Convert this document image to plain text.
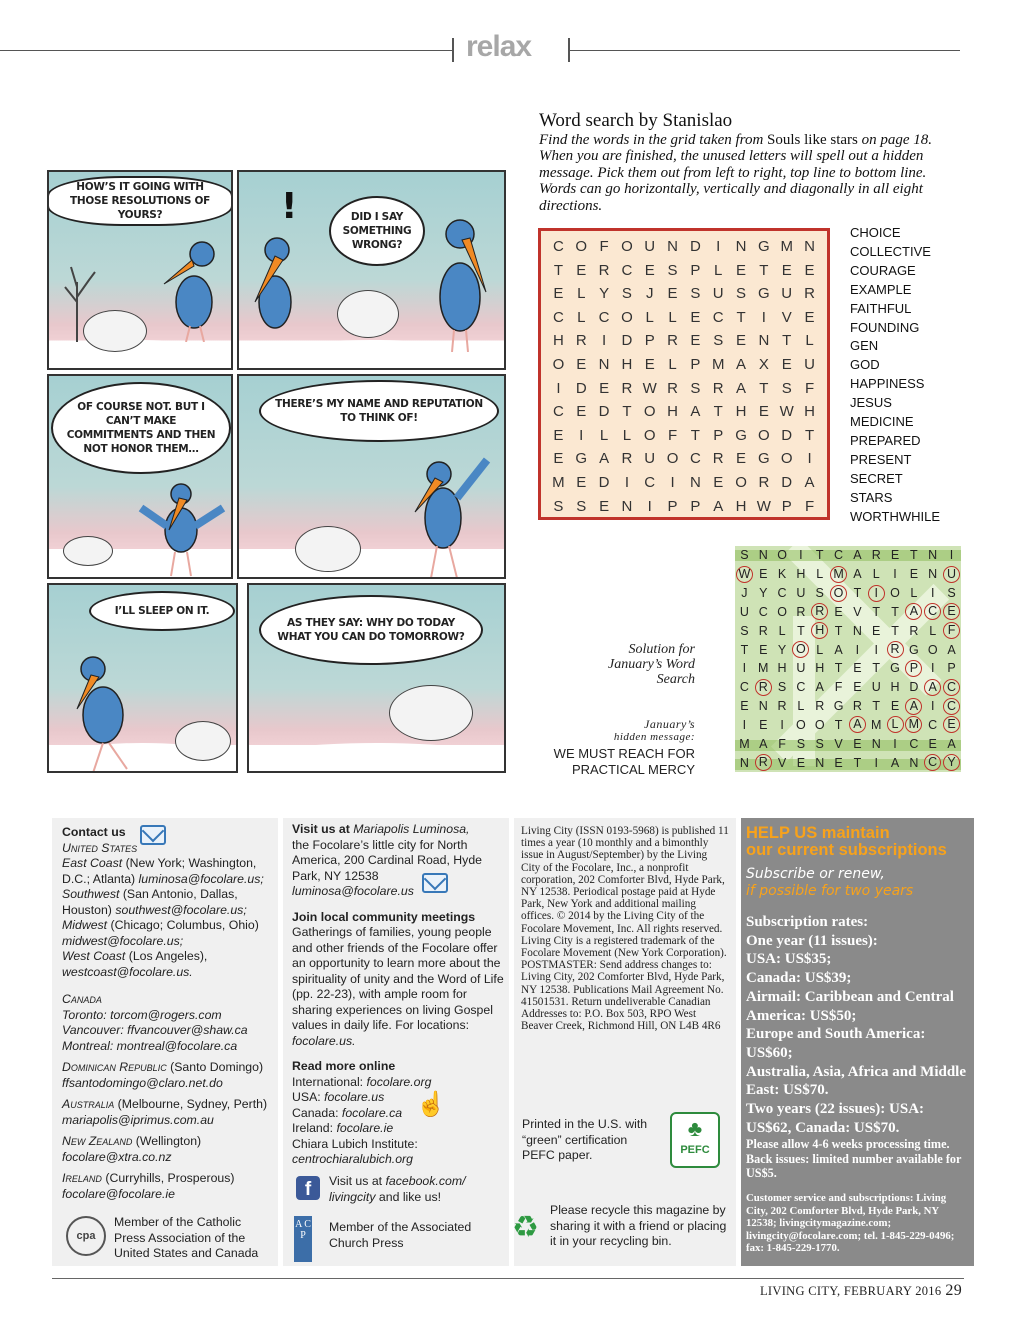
relax
Word search by Stanislao
Find the words in the grid taken from Souls like stars on page 18. When you are finished, the unused letters will spell out a hidden message. Pick them out from left to right, top line to bottom line. Words can go horizontally, vertically and diagonally in all eight directions.
C O F O U N D	I	N G M N
T E R C E S P L E T E E
E L Y S J E S U S G U R
C L C O L L E C T	I	V E
H R	I	D P R E S E N T L
O E N H E L P M A X E U
I	D E R W R S R A T S F
C E D T O H A T H E W H
E	I	L L O F T P G O D T
E G A R U O C R E G O I
M E D	I	C	I	N E O R D A
S S E N	I	P P A H W P F
CHOICE
COLLECTIVE
COURAGE
EXAMPLE
FAITHFUL
FOUNDING
GEN
GOD
HAPPINESS
JESUS
MEDICINE
PREPARED
PRESENT
SECRET
STARS
WORTHWHILE
HOW’S IT GOING WITH THOSE RESOLUTIONS OF YOURS?	!	DID I SAY SOMETHING WRONG?
OF COURSE NOT. BUT I CAN’T MAKE COMMITMENTS AND THEN NOT HONOR THEM…
THERE’S MY NAME AND REPUTATION TO THINK OF!
I’LL SLEEP ON IT.
AS THEY SAY: WHY DO TODAY WHAT YOU CAN DO TOMORROW?
S N O I T C A R E T N I
W E K H L M A L I E N U
J Y C U S O T	I O L I S
U C O R R E V T T A C E
S R L T H T N E T R L F
T E Y O L A I I	R G O A
I M H U H T E T G P	I P
C R S C A F E U H D A C
E N R L R G R T E A	I	C
I E I O O T A M L M C E
M A F S S V E N I C E A
N R V E N E T I A N C Y
Solution for January’s Word Search
January’s
hidden message:
WE MUST REACH FOR
PRACTICAL MERCY
Contact us
United States
East Coast (New York; Washington, D.C.; Atlanta) luminosa@focolare.us;
Southwest (San Antonio, Dallas, Houston) southwest@focolare.us;
Midwest (Chicago; Columbus, Ohio)
midwest@focolare.us;
West Coast (Los Angeles),
westcoast@focolare.us.
Canada
Toronto: torcom@rogers.com
Vancouver: ffvancouver@shaw.ca
Montreal: montreal@focolare.ca
Dominican Republic (Santo Domingo)
ffsantodomingo@claro.net.do
Australia (Melbourne, Sydney, Perth)
mariapolis@iprimus.com.au
New Zealand (Wellington)
focolare@xtra.co.nz
Ireland (Curryhills, Prosperous)
focolare@focolare.ie
cpa
Member of the Catholic Press Association of the United States and Canada
Visit us at Mariapolis Luminosa,
the Focolare’s little city for North America, 200 Cardinal Road, Hyde Park, NY 12538
luminosa@focolare.us
Join local community meetings
Gatherings of families, young people and other friends of the Focolare offer an opportunity to learn more about the spirituality of unity and the Word of Life (pp. 22-23), with ample room for sharing experiences on living Gospel values in daily life. For locations: focolare.us.
Read more online
International: focolare.org
USA: focolare.us
Canada: focolare.ca
Ireland: focolare.ie
Chiara Lubich Institute:
centrochiaralubich.org
☝
f	Visit us at facebook.com/ livingcity and like us!
A C P
Member of the Associated Church Press
Living City (ISSN 0193-5968) is published 11 times a year (10 monthly and a bimonthly issue in August/September) by the Living City of the Focolare, Inc., a nonprofit corporation, 202 Comforter Blvd, Hyde Park, NY 12538. Periodical postage paid at Hyde Park, New York and additional mailing offices. © 2014 by the Living City of the Focolare Movement, Inc. All rights reserved. Living City is a registered trademark of the Focolare Movement (New York Corporation). POSTMASTER: Send address changes to: Living City, 202 Comforter Blvd, Hyde Park, NY 12538. Publications Mail Agreement No. 41501531. Return undeliverable Canadian Addresses to: P.O. Box 503, RPO West Beaver Creek, Richmond Hill, ON L4B 4R6
Printed in the U.S. with “green” certification PEFC paper.
♣
PEFC
♻
Please recycle this magazine by sharing it with a friend or placing it in your recycling bin.
HELP US maintain
our current subscriptions
Subscribe or renew,
if possible for two years
Subscription rates:
One year (11 issues):
USA: US$35;
Canada: US$39;
Airmail: Caribbean and Central America: US$50;
Europe and South America: US$60;
Australia, Asia, Africa and Middle East: US$70.
Two years (22 issues): USA: US$62, Canada: US$70.
Please allow 4-6 weeks processing time. Back issues: limited number available for US$5.
Customer service and subscriptions: Living City, 202 Comforter Blvd, Hyde Park, NY 12538; livingcitymagazine.com; livingcity@focolare.com; tel. 1-845-229-0496; fax: 1-845-229-1770.
LIVING CITY, FEBRUARY 2016 29
